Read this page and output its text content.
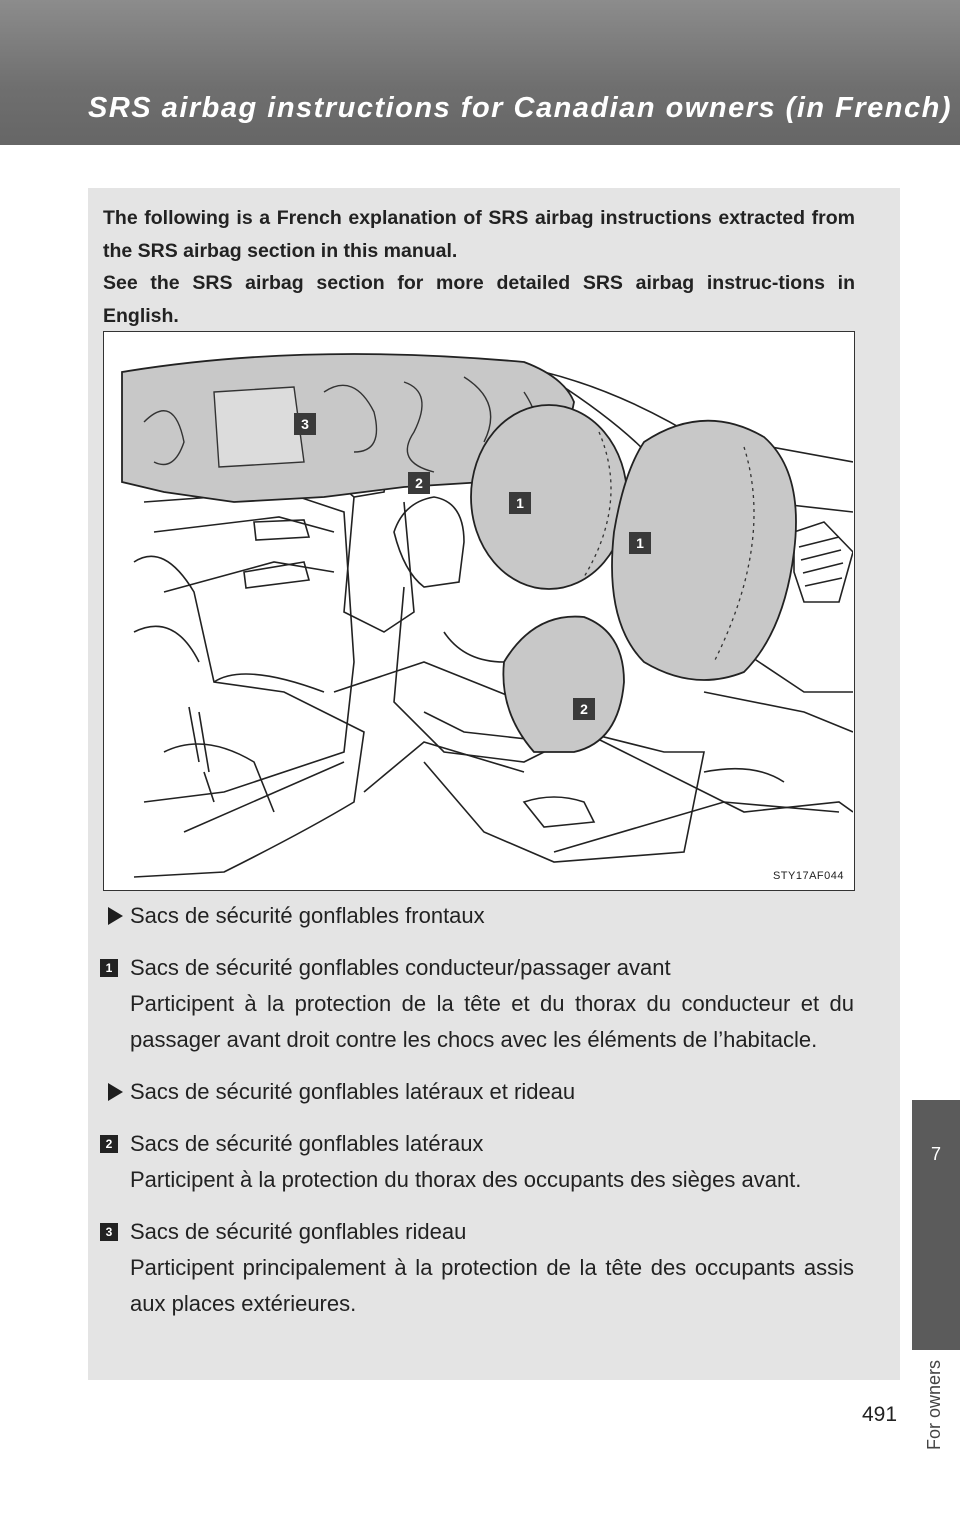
SRS airbag instructions for Canadian owners (in French)

The following is a French explanation of SRS airbag instructions extracted from the SRS airbag section in this manual.

See the SRS airbag section for more detailed SRS airbag instruc-tions in English.

3
2
1
1
2
STY17AF044
Sacs de sécurité gonflables frontaux
1 Sacs de sécurité gonflables conducteur/passager avant
Participent à la protection de la tête et du thorax du conducteur et du passager avant droit contre les chocs avec les éléments de l’habitacle.
Sacs de sécurité gonflables latéraux et rideau
2 Sacs de sécurité gonflables latéraux
Participent à la protection du thorax des occupants des sièges avant.
3 Sacs de sécurité gonflables rideau
Participent principalement à la protection de la tête des occupants assis aux places extérieures.
7
For owners
491
